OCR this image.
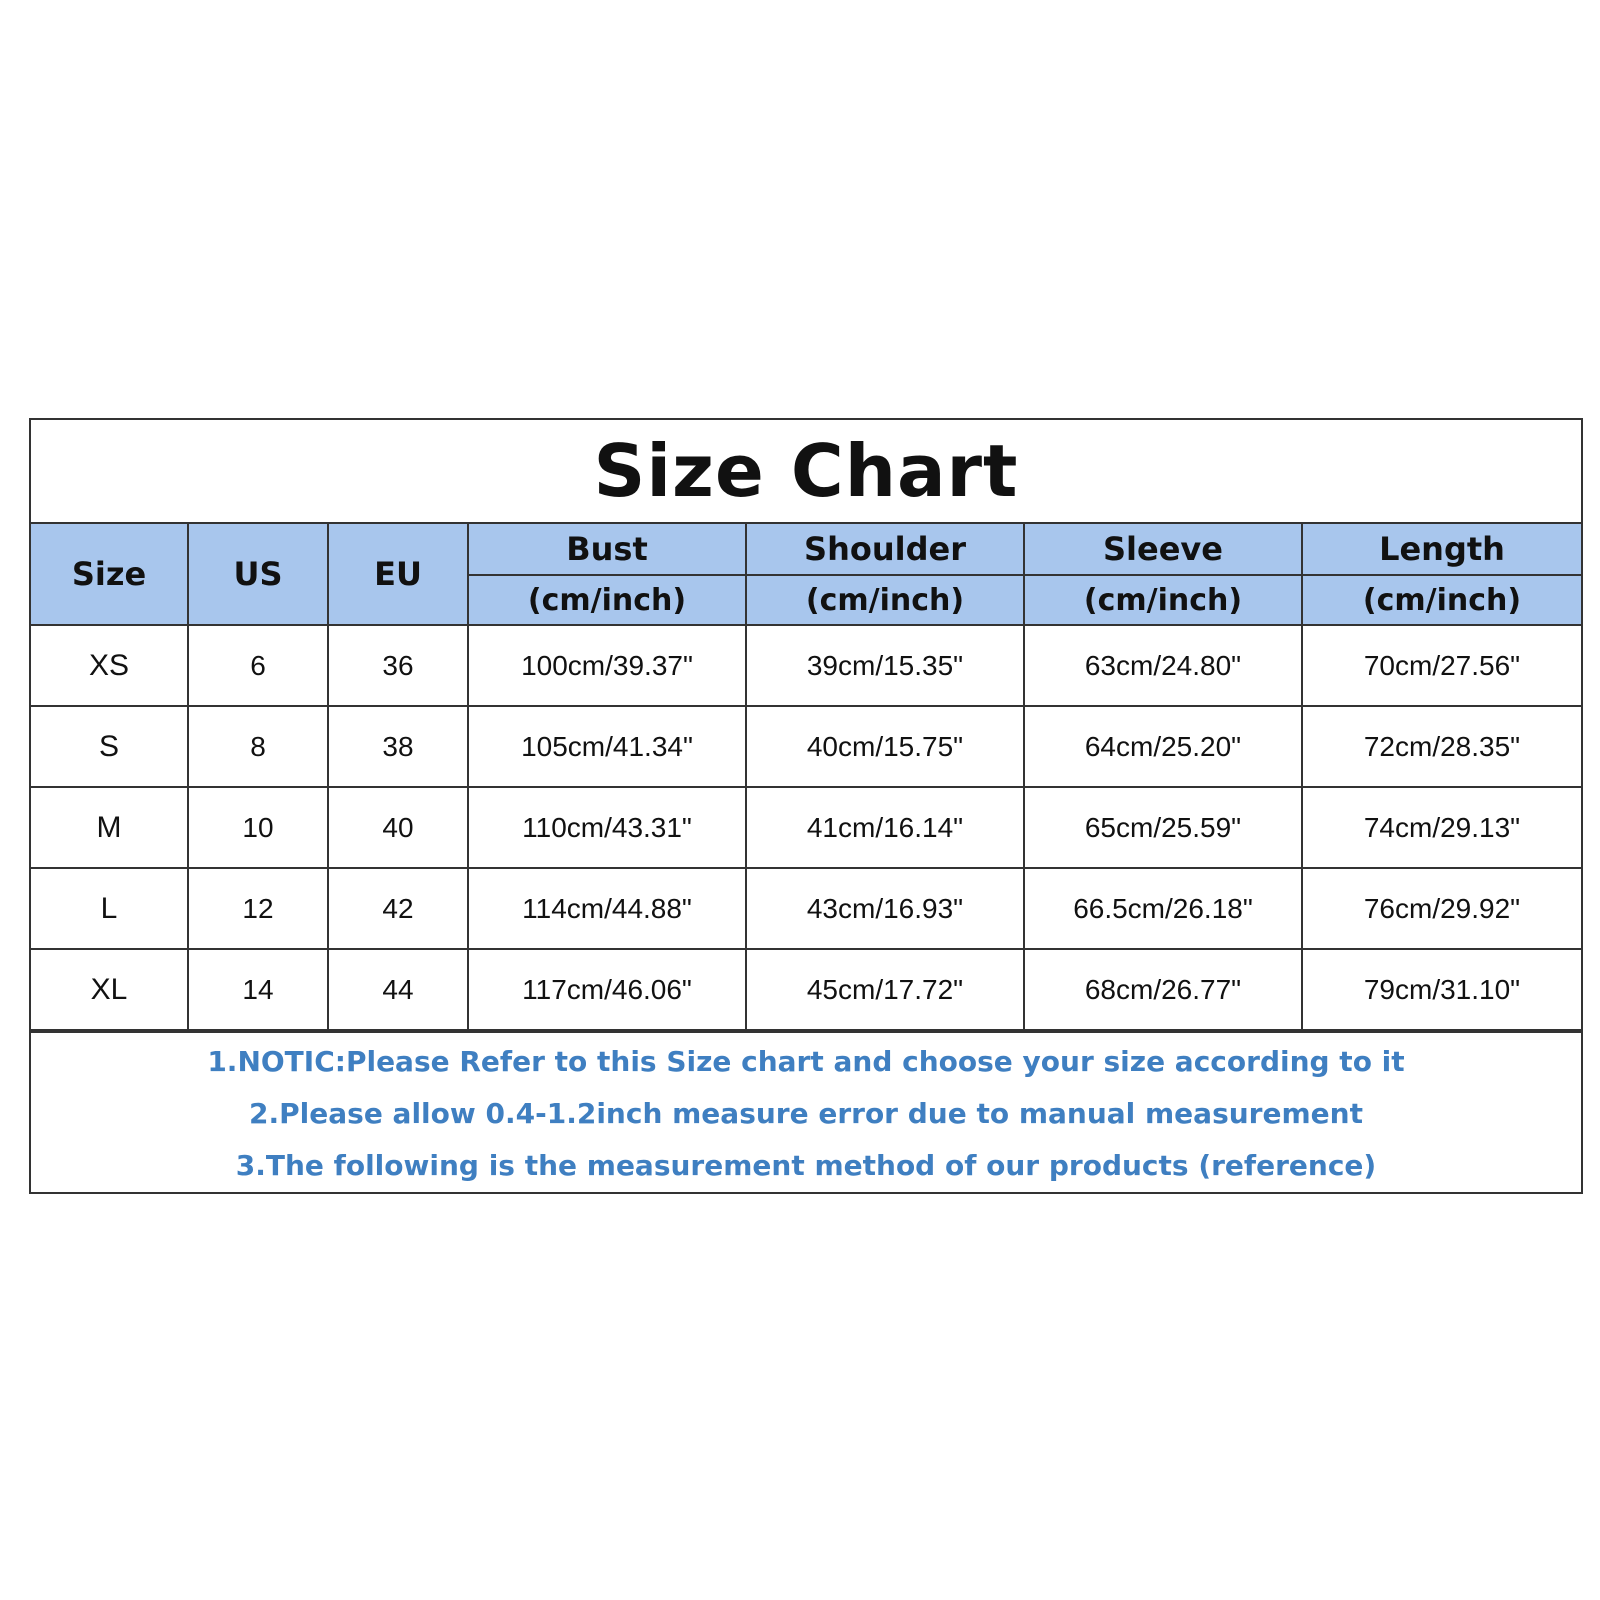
Size Chart
Size	US	EU	Bust	Shoulder	Sleeve	Length
			(cm/inch)	(cm/inch)	(cm/inch)	(cm/inch)
XS	6	36	100cm/39.37"	39cm/15.35"	63cm/24.80"	70cm/27.56"
S	8	38	105cm/41.34"	40cm/15.75"	64cm/25.20"	72cm/28.35"
M	10	40	110cm/43.31"	41cm/16.14"	65cm/25.59"	74cm/29.13"
L	12	42	114cm/44.88"	43cm/16.93"	66.5cm/26.18"	76cm/29.92"
XL	14	44	117cm/46.06"	45cm/17.72"	68cm/26.77"	79cm/31.10"
1.NOTIC:Please Refer to this Size chart and choose your size according to it
2.Please allow 0.4-1.2inch measure error due to manual measurement
3.The following is the measurement method of our products (reference)
